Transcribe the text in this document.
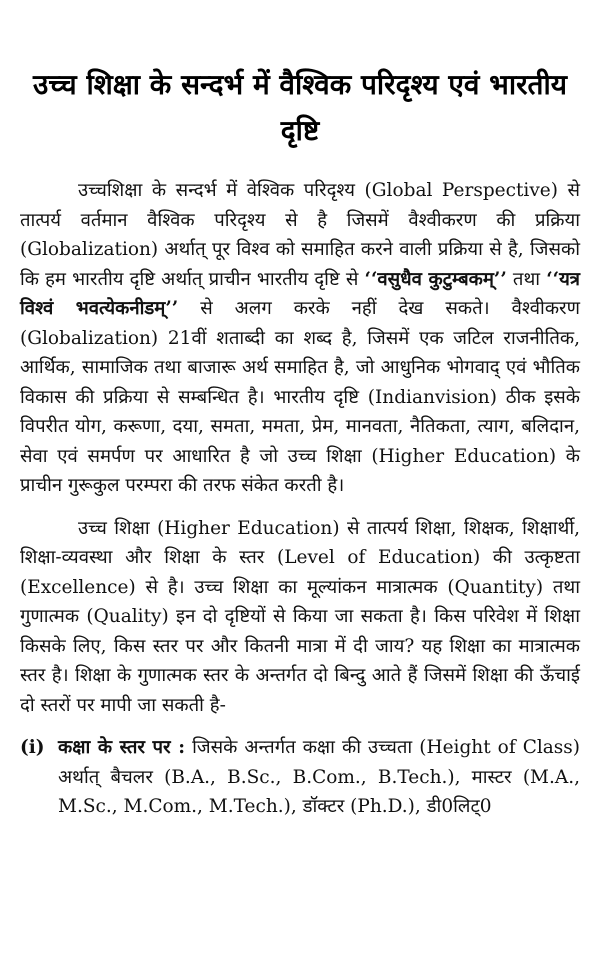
उच्च शिक्षा के सन्दर्भ में वैश्विक परिदृश्य एवं भारतीय दृष्टि

उच्चशिक्षा के सन्दर्भ में वेश्विक परिदृश्य (Global Perspective) से तात्पर्य वर्तमान वैश्विक परिदृश्य से है जिसमें वैश्वीकरण की प्रक्रिया (Globalization) अर्थात् पूर विश्व को समाहित करने वाली प्रक्रिया से है, जिसको कि हम भारतीय दृष्टि अर्थात् प्राचीन भारतीय दृष्टि से ‘‘वसुधैव कुटुम्बकम्’’ तथा ‘‘यत्र विश्वं भवत्येकनीडम्’’ से अलग करके नहीं देख सकते। वैश्वीकरण (Globalization) 21वीं शताब्दी का शब्द है, जिसमें एक जटिल राजनीतिक, आर्थिक, सामाजिक तथा बाजारू अर्थ समाहित है, जो आधुनिक भोगवाद् एवं भौतिक विकास की प्रक्रिया से सम्बन्धित है। भारतीय दृष्टि (Indianvision) ठीक इसके विपरीत योग, करूणा, दया, समता, ममता, प्रेम, मानवता, नैतिकता, त्याग, बलिदान, सेवा एवं समर्पण पर आधारित है जो उच्च शिक्षा (Higher Education) के प्राचीन गुरूकुल परम्परा की तरफ संकेत करती है।

उच्च शिक्षा (Higher Education) से तात्पर्य शिक्षा, शिक्षक, शिक्षार्थी, शिक्षा-व्यवस्था और शिक्षा के स्तर (Level of Education) की उत्कृष्टता (Excellence) से है। उच्च शिक्षा का मूल्यांकन मात्रात्मक (Quantity) तथा गुणात्मक (Quality) इन दो दृष्टियों से किया जा सकता है। किस परिवेश में शिक्षा किसके लिए, किस स्तर पर और कितनी मात्रा में दी जाय? यह शिक्षा का मात्रात्मक स्तर है। शिक्षा के गुणात्मक स्तर के अन्तर्गत दो बिन्दु आते हैं जिसमें शिक्षा की ऊँचाई दो स्तरों पर मापी जा सकती है-

(i) कक्षा के स्तर पर : जिसके अन्तर्गत कक्षा की उच्चता (Height of Class) अर्थात् बैचलर (B.A., B.Sc., B.Com., B.Tech.), मास्टर (M.A., M.Sc., M.Com., M.Tech.), डॉक्टर (Ph.D.), डी0लिट्0
